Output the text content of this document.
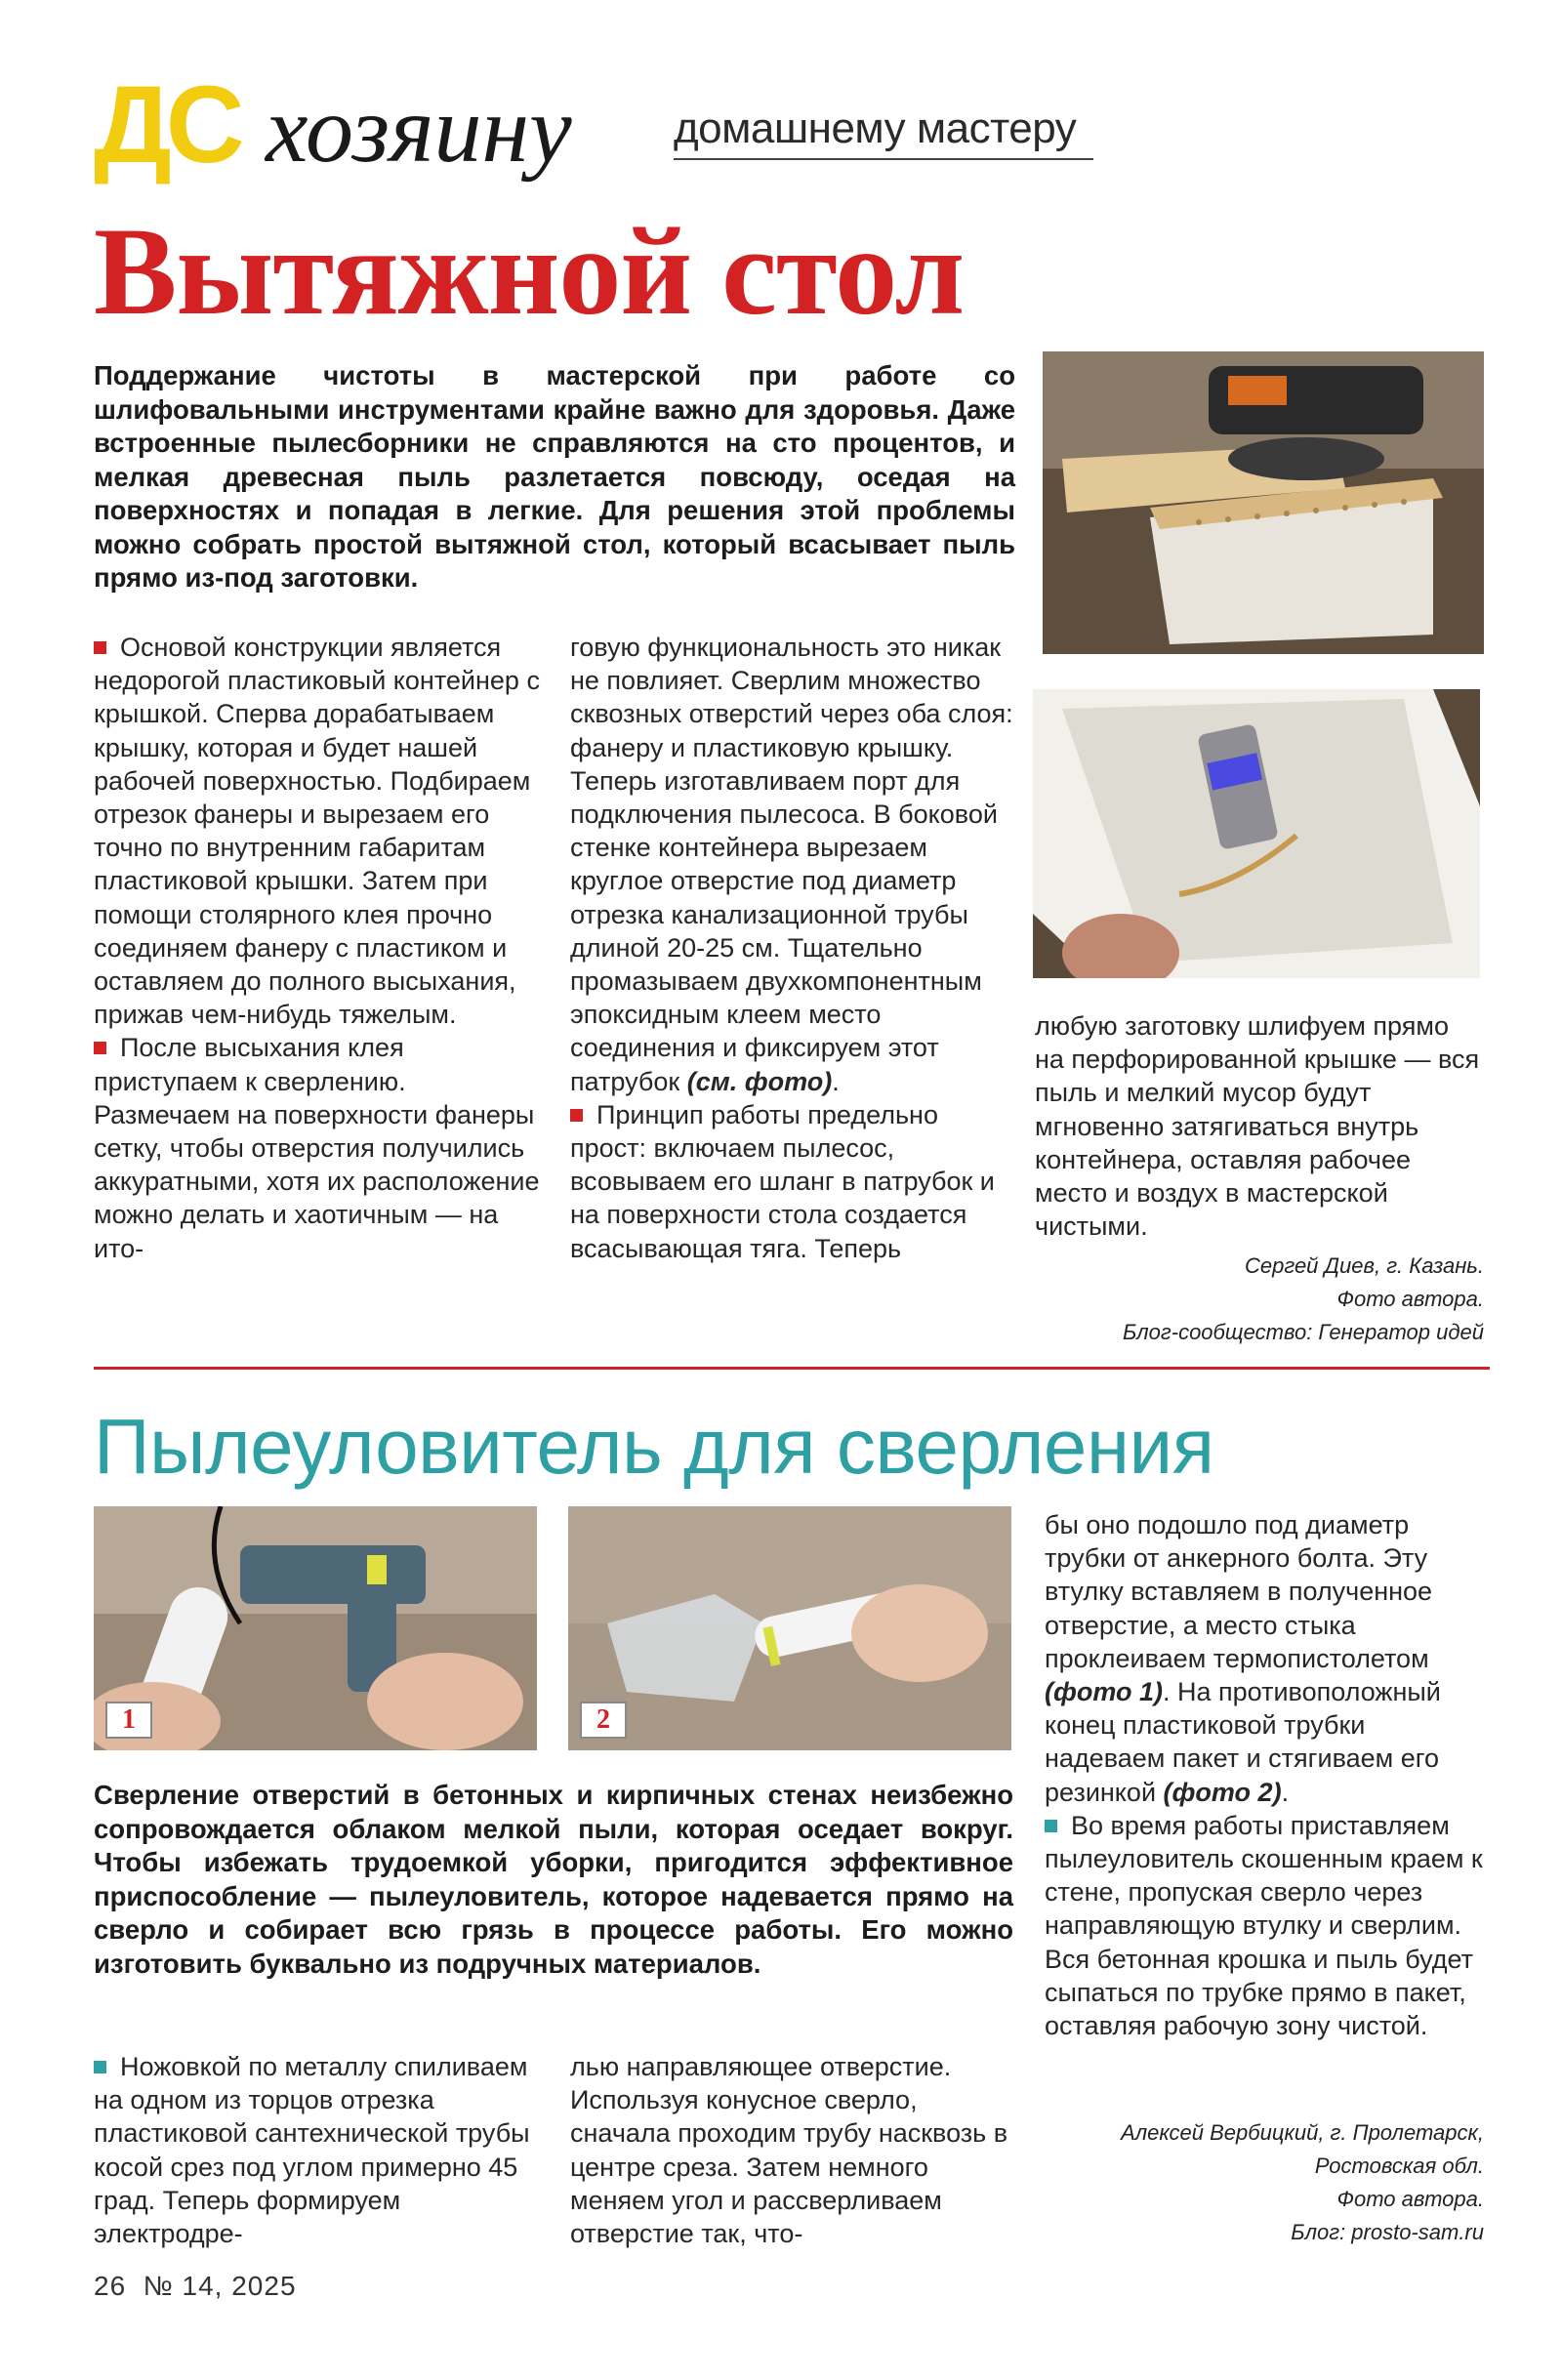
ДС хозяину домашнему мастеру
Вытяжной стол
Поддержание чистоты в мастерской при работе со шлифовальными инструментами крайне важно для здоровья. Даже встроенные пылесборники не справляются на сто процентов, и мелкая древесная пыль разлетается повсюду, оседая на поверхностях и попадая в легкие. Для решения этой проблемы можно собрать простой вытяжной стол, который всасывает пыль прямо из-под заготовки.

Основой конструкции является недорогой пластиковый контейнер с крышкой. Сперва дорабатываем крышку, которая и будет нашей рабочей поверхностью. Подбираем отрезок фанеры и вырезаем его точно по внутренним габаритам пластиковой крышки. Затем при помощи столярного клея прочно соединяем фанеру с пластиком и оставляем до полного высыхания, прижав чем-нибудь тяжелым.

После высыхания клея приступаем к сверлению. Размечаем на поверхности фанеры сетку, чтобы отверстия получились аккуратными, хотя их расположение можно делать и хаотичным — на ито-

говую функциональность это никак не повлияет. Сверлим множество сквозных отверстий через оба слоя: фанеру и пластиковую крышку. Теперь изготавливаем порт для подключения пылесоса. В боковой стенке контейнера вырезаем круглое отверстие под диаметр отрезка канализационной трубы длиной 20-25 см. Тщательно промазываем двухкомпонентным эпоксидным клеем место соединения и фиксируем этот патрубок (см. фото).

Принцип работы предельно прост: включаем пылесос, всовываем его шланг в патрубок и на поверхности стола создается всасывающая тяга. Теперь

любую заготовку шлифуем прямо на перфорированной крышке — вся пыль и мелкий мусор будут мгновенно затягиваться внутрь контейнера, оставляя рабочее место и воздух в мастерской чистыми.

Сергей Диев, г. Казань.
Фото автора.
Блог-сообщество: Генератор идей
Пылеуловитель для сверления
1	2
Сверление отверстий в бетонных и кирпичных стенах неизбежно сопровождается облаком мелкой пыли, которая оседает вокруг. Чтобы избежать трудоемкой уборки, пригодится эффективное приспособление — пылеуловитель, которое надевается прямо на сверло и собирает всю грязь в процессе работы. Его можно изготовить буквально из подручных материалов.

Ножовкой по металлу спиливаем на одном из торцов отрезка пластиковой сантехнической трубы косой срез под углом примерно 45 град. Теперь формируем электродре-

лью направляющее отверстие. Используя конусное сверло, сначала проходим трубу насквозь в центре среза. Затем немного меняем угол и рассверливаем отверстие так, что-

бы оно подошло под диаметр трубки от анкерного болта. Эту втулку вставляем в полученное отверстие, а место стыка проклеиваем термопистолетом (фото 1). На противоположный конец пластиковой трубки надеваем пакет и стягиваем его резинкой (фото 2).

Во время работы приставляем пылеуловитель скошенным краем к стене, пропуская сверло через направляющую втулку и сверлим. Вся бетонная крошка и пыль будет сыпаться по трубке прямо в пакет, оставляя рабочую зону чистой.

Алексей Вербицкий, г. Пролетарск,
Ростовская обл.
Фото автора.
Блог: prosto-sam.ru
26 № 14, 2025
